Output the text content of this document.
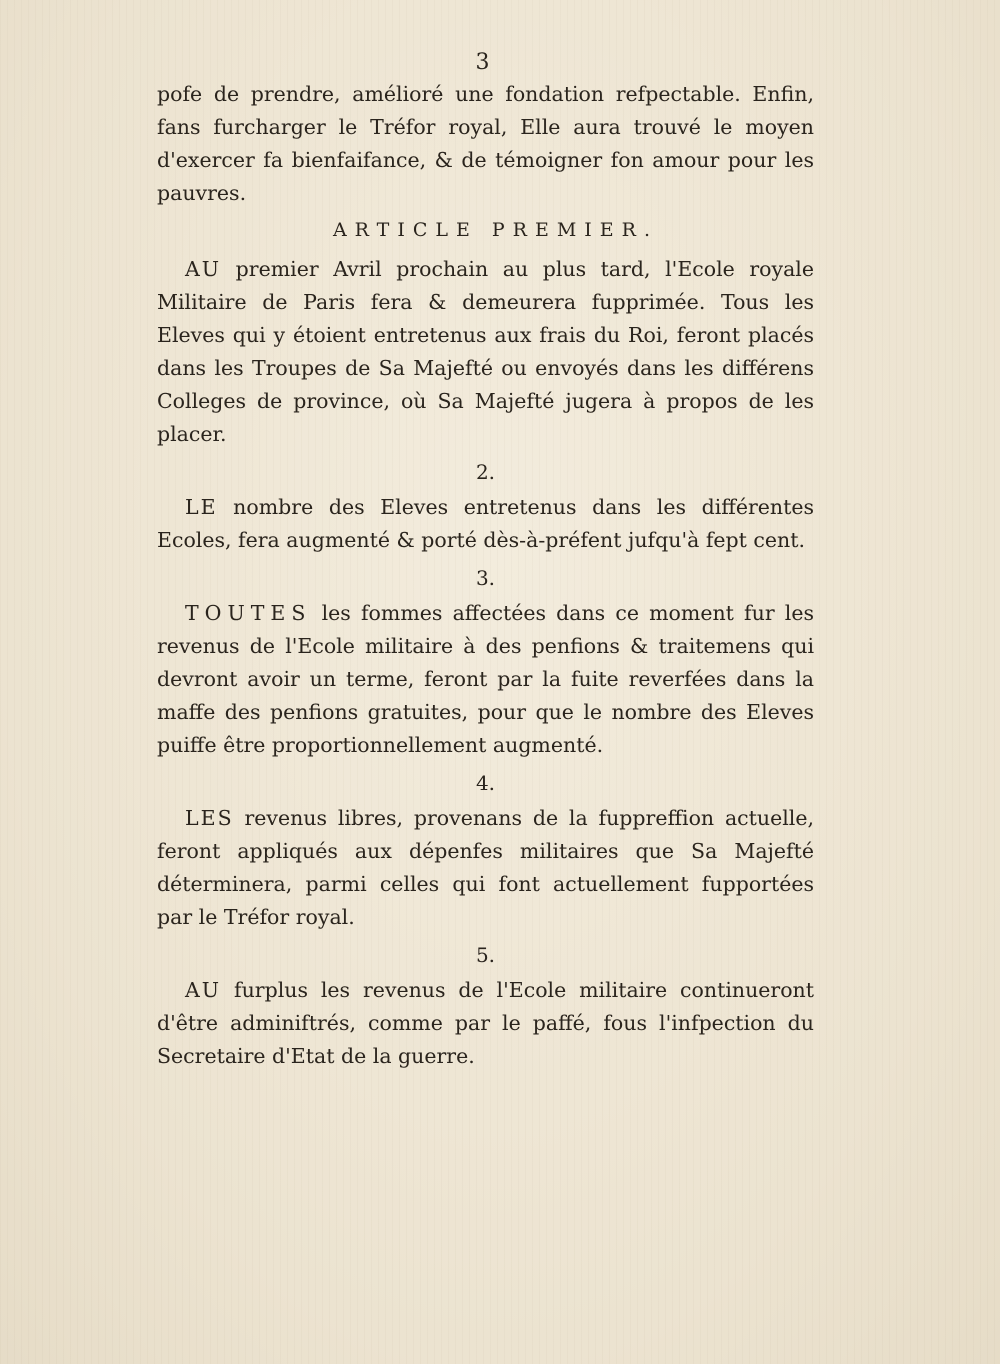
3

pofe de prendre, amélioré une fondation refpectable. Enfin, fans furcharger le Tréfor royal, Elle aura trouvé le moyen d'exercer fa bienfaifance, & de témoigner fon amour pour les pauvres.

ARTICLE PREMIER.

AU premier Avril prochain au plus tard, l'Ecole royale Militaire de Paris fera & demeurera fupprimée. Tous les Eleves qui y étoient entretenus aux frais du Roi, feront placés dans les Troupes de Sa Majefté ou envoyés dans les différens Colleges de province, où Sa Majefté jugera à propos de les placer.

2.

LE nombre des Eleves entretenus dans les différentes Ecoles, fera augmenté & porté dès-à-préfent jufqu'à fept cent.

3.

TOUTES les fommes affectées dans ce moment fur les revenus de l'Ecole militaire à des penfions & traitemens qui devront avoir un terme, feront par la fuite reverfées dans la maffe des penfions gratuites, pour que le nombre des Eleves puiffe être proportionnellement augmenté.

4.

LES revenus libres, provenans de la fuppreffion actuelle, feront appliqués aux dépenfes militaires que Sa Majefté déterminera, parmi celles qui font actuellement fupportées par le Tréfor royal.

5.

AU furplus les revenus de l'Ecole militaire continueront d'être adminiftrés, comme par le paffé, fous l'infpection du Secretaire d'Etat de la guerre.
